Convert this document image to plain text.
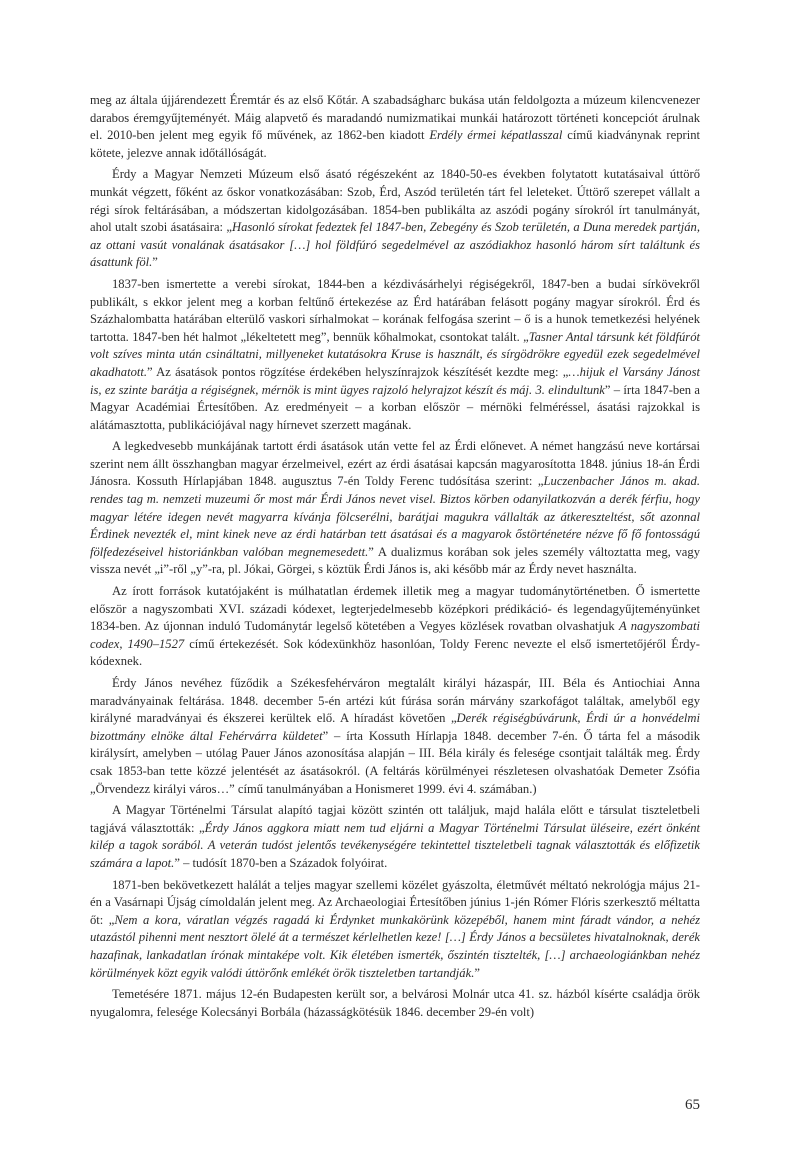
meg az általa újjárendezett Éremtár és az első Kőtár. A szabadságharc bukása után feldolgozta a múzeum kilencvenezer darabos éremgyűjteményét. Máig alapvető és maradandó numizmatikai munkái határozott történeti koncepciót árulnak el. 2010-ben jelent meg egyik fő művének, az 1862-ben kiadott Erdély érmei képatlasszal című kiadványnak reprint kötete, jelezve annak időtállóságát.

Érdy a Magyar Nemzeti Múzeum első ásató régészeként az 1840-50-es években folytatott kutatásaival úttörő munkát végzett, főként az őskor vonatkozásában: Szob, Érd, Aszód területén tárt fel leleteket. Úttörő szerepet vállalt a régi sírok feltárásában, a módszertan kidolgozásában. 1854-ben publikálta az aszódi pogány sírokról írt tanulmányát, ahol utalt szobi ásatásaira: „Hasonló sírokat fedeztek fel 1847-ben, Zebegény és Szob területén, a Duna meredek partján, az ottani vasút vonalának ásatásakor […] hol földfúró segedelmével az aszódiakhoz hasonló három sírt találtunk és ásattunk föl.”

1837-ben ismertette a verebi sírokat, 1844-ben a kézdivásárhelyi régiségekről, 1847-ben a budai sírkövekről publikált, s ekkor jelent meg a korban feltűnő értekezése az Érd határában felásott pogány magyar sírokról. Érd és Százhalombatta határában elterülő vaskori sírhalmokat – korának felfogása szerint – ő is a hunok temetkezési helyének tartotta. 1847-ben hét halmot „lékeltetett meg”, bennük kőhalmokat, csontokat talált. „Tasner Antal társunk két földfúrót volt szíves minta után csináltatni, millyeneket kutatásokra Kruse is használt, és sírgödrökre egyedül ezek segedelmével akadhatott.” Az ásatások pontos rögzítése érdekében helyszínrajzok készítését kezdte meg: „…hijuk el Varsány Jánost is, ez szinte barátja a régiségnek, mérnök is mint ügyes rajzoló helyrajzot készít és máj. 3. elindultunk” – írta 1847-ben a Magyar Académiai Értesítőben. Az eredményeit – a korban először – mérnöki felméréssel, ásatási rajzokkal is alátámasztotta, publikációjával nagy hírnevet szerzett magának.

A legkedvesebb munkájának tartott érdi ásatások után vette fel az Érdi előnevet. A német hangzású neve kortársai szerint nem állt összhangban magyar érzelmeivel, ezért az érdi ásatásai kapcsán magyarosította 1848. június 18-án Érdi Jánosra. Kossuth Hírlapjában 1848. augusztus 7-én Toldy Ferenc tudósítása szerint: „Luczenbacher János m. akad. rendes tag m. nemzeti muzeumi őr most már Érdi János nevet visel. Biztos körben odanyilatkozván a derék férfiu, hogy magyar létére idegen nevét magyarra kívánja fölcserélni, barátjai magukra vállalták az átkereszteltést, sőt azonnal Érdinek nevezték el, mint kinek neve az érdi határban tett ásatásai és a magyarok őstörténetére nézve fő fő fontosságú fölfedezéseivel historiánkban valóban megnemesedett.” A dualizmus korában sok jeles személy változtatta meg, vagy vissza nevét „i”-ről „y”-ra, pl. Jókai, Görgei, s köztük Érdi János is, aki később már az Érdy nevet használta.

Az írott források kutatójaként is múlhatatlan érdemek illetik meg a magyar tudománytörténetben. Ő ismertette először a nagyszombati XVI. századi kódexet, legterjedelmesebb középkori prédikáció- és legendagyűjteményünket 1834-ben. Az újonnan induló Tudománytár legelső kötetében a Vegyes közlések rovatban olvashatjuk A nagyszombati codex, 1490–1527 című értekezését. Sok kódexünkhöz hasonlóan, Toldy Ferenc nevezte el első ismertetőjéről Érdy-kódexnek.

Érdy János nevéhez fűződik a Székesfehérváron megtalált királyi házaspár, III. Béla és Antiochiai Anna maradványainak feltárása. 1848. december 5-én artézi kút fúrása során márvány szarkofágot találtak, amelyből egy királyné maradványai és ékszerei kerültek elő. A híradást követően „Derék régiségbúvárunk, Érdi úr a honvédelmi bizottmány elnöke által Fehérvárra küldetet” – írta Kossuth Hírlapja 1848. december 7-én. Ő tárta fel a második királysírt, amelyben – utólag Pauer János azonosítása alapján – III. Béla király és felesége csontjait találták meg. Érdy csak 1853-ban tette közzé jelentését az ásatásokról. (A feltárás körülményei részletesen olvashatóak Demeter Zsófia „Örvendezz királyi város…” című tanulmányában a Honismeret 1999. évi 4. számában.)

A Magyar Történelmi Társulat alapító tagjai között szintén ott találjuk, majd halála előtt e társulat tiszteletbeli tagjává választották: „Érdy János aggkora miatt nem tud eljárni a Magyar Történelmi Társulat üléseire, ezért önként kilép a tagok sorából. A veterán tudóst jelentős tevékenységére tekintettel tiszteletbeli tagnak választották és előfizetik számára a lapot.” – tudósít 1870-ben a Századok folyóirat.

1871-ben bekövetkezett halálát a teljes magyar szellemi közélet gyászolta, életművét méltató nekrológja május 21-én a Vasárnapi Újság címoldalán jelent meg. Az Archaeologiai Értesítőben június 1-jén Rómer Flóris szerkesztő méltatta őt: „Nem a kora, váratlan végzés ragadá ki Érdynket munkakörünk közepéből, hanem mint fáradt vándor, a nehéz utazástól pihenni ment nesztort ölelé át a természet kérlelhetlen keze! […] Érdy János a becsületes hivatalnoknak, derék hazafinak, lankadatlan írónak mintaképe volt. Kik életében ismerték, őszintén tisztelték, […] archaeologiánkban nehéz körülmények közt egyik valódi úttörőnk emlékét örök tiszteletben tartandják.”

Temetésére 1871. május 12-én Budapesten került sor, a belvárosi Molnár utca 41. sz. házból kísérte családja örök nyugalomra, felesége Kolecsányi Borbála (házasságkötésük 1846. december 29-én volt)

65
